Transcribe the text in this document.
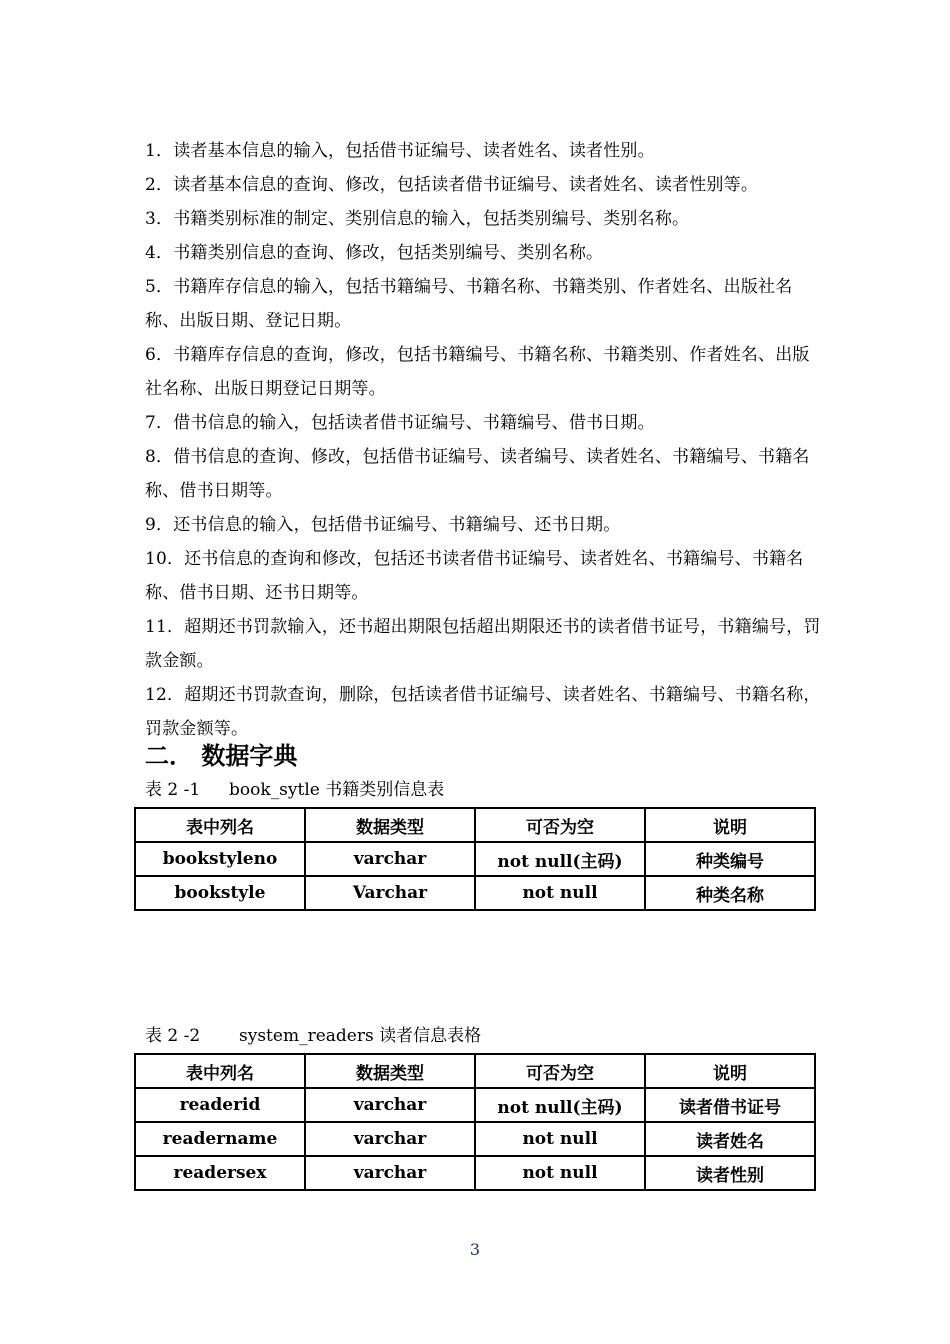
1．读者基本信息的输入，包括借书证编号、读者姓名、读者性别。

2．读者基本信息的查询、修改，包括读者借书证编号、读者姓名、读者性别等。

3．书籍类别标准的制定、类别信息的输入，包括类别编号、类别名称。

4．书籍类别信息的查询、修改，包括类别编号、类别名称。

5．书籍库存信息的输入，包括书籍编号、书籍名称、书籍类别、作者姓名、出版社名称、出版日期、登记日期。

6．书籍库存信息的查询，修改，包括书籍编号、书籍名称、书籍类别、作者姓名、出版社名称、出版日期登记日期等。

7．借书信息的输入，包括读者借书证编号、书籍编号、借书日期。

8．借书信息的查询、修改，包括借书证编号、读者编号、读者姓名、书籍编号、书籍名称、借书日期等。

9．还书信息的输入，包括借书证编号、书籍编号、还书日期。

10．还书信息的查询和修改，包括还书读者借书证编号、读者姓名、书籍编号、书籍名称、借书日期、还书日期等。

11．超期还书罚款输入，还书超出期限包括超出期限还书的读者借书证号，书籍编号，罚款金额。

12．超期还书罚款查询，删除，包括读者借书证编号、读者姓名、书籍编号、书籍名称，罚款金额等。

二． 数据字典

表 2 -1 book_sytle 书籍类别信息表

表中列名	数据类型	可否为空	说明
bookstyleno	varchar	not null(主码)	种类编号
bookstyle	Varchar	not null	种类名称

表 2 -2 system_readers 读者信息表格

表中列名	数据类型	可否为空	说明
readerid	varchar	not null(主码)	读者借书证号
readername	varchar	not null	读者姓名
readersex	varchar	not null	读者性别
3
